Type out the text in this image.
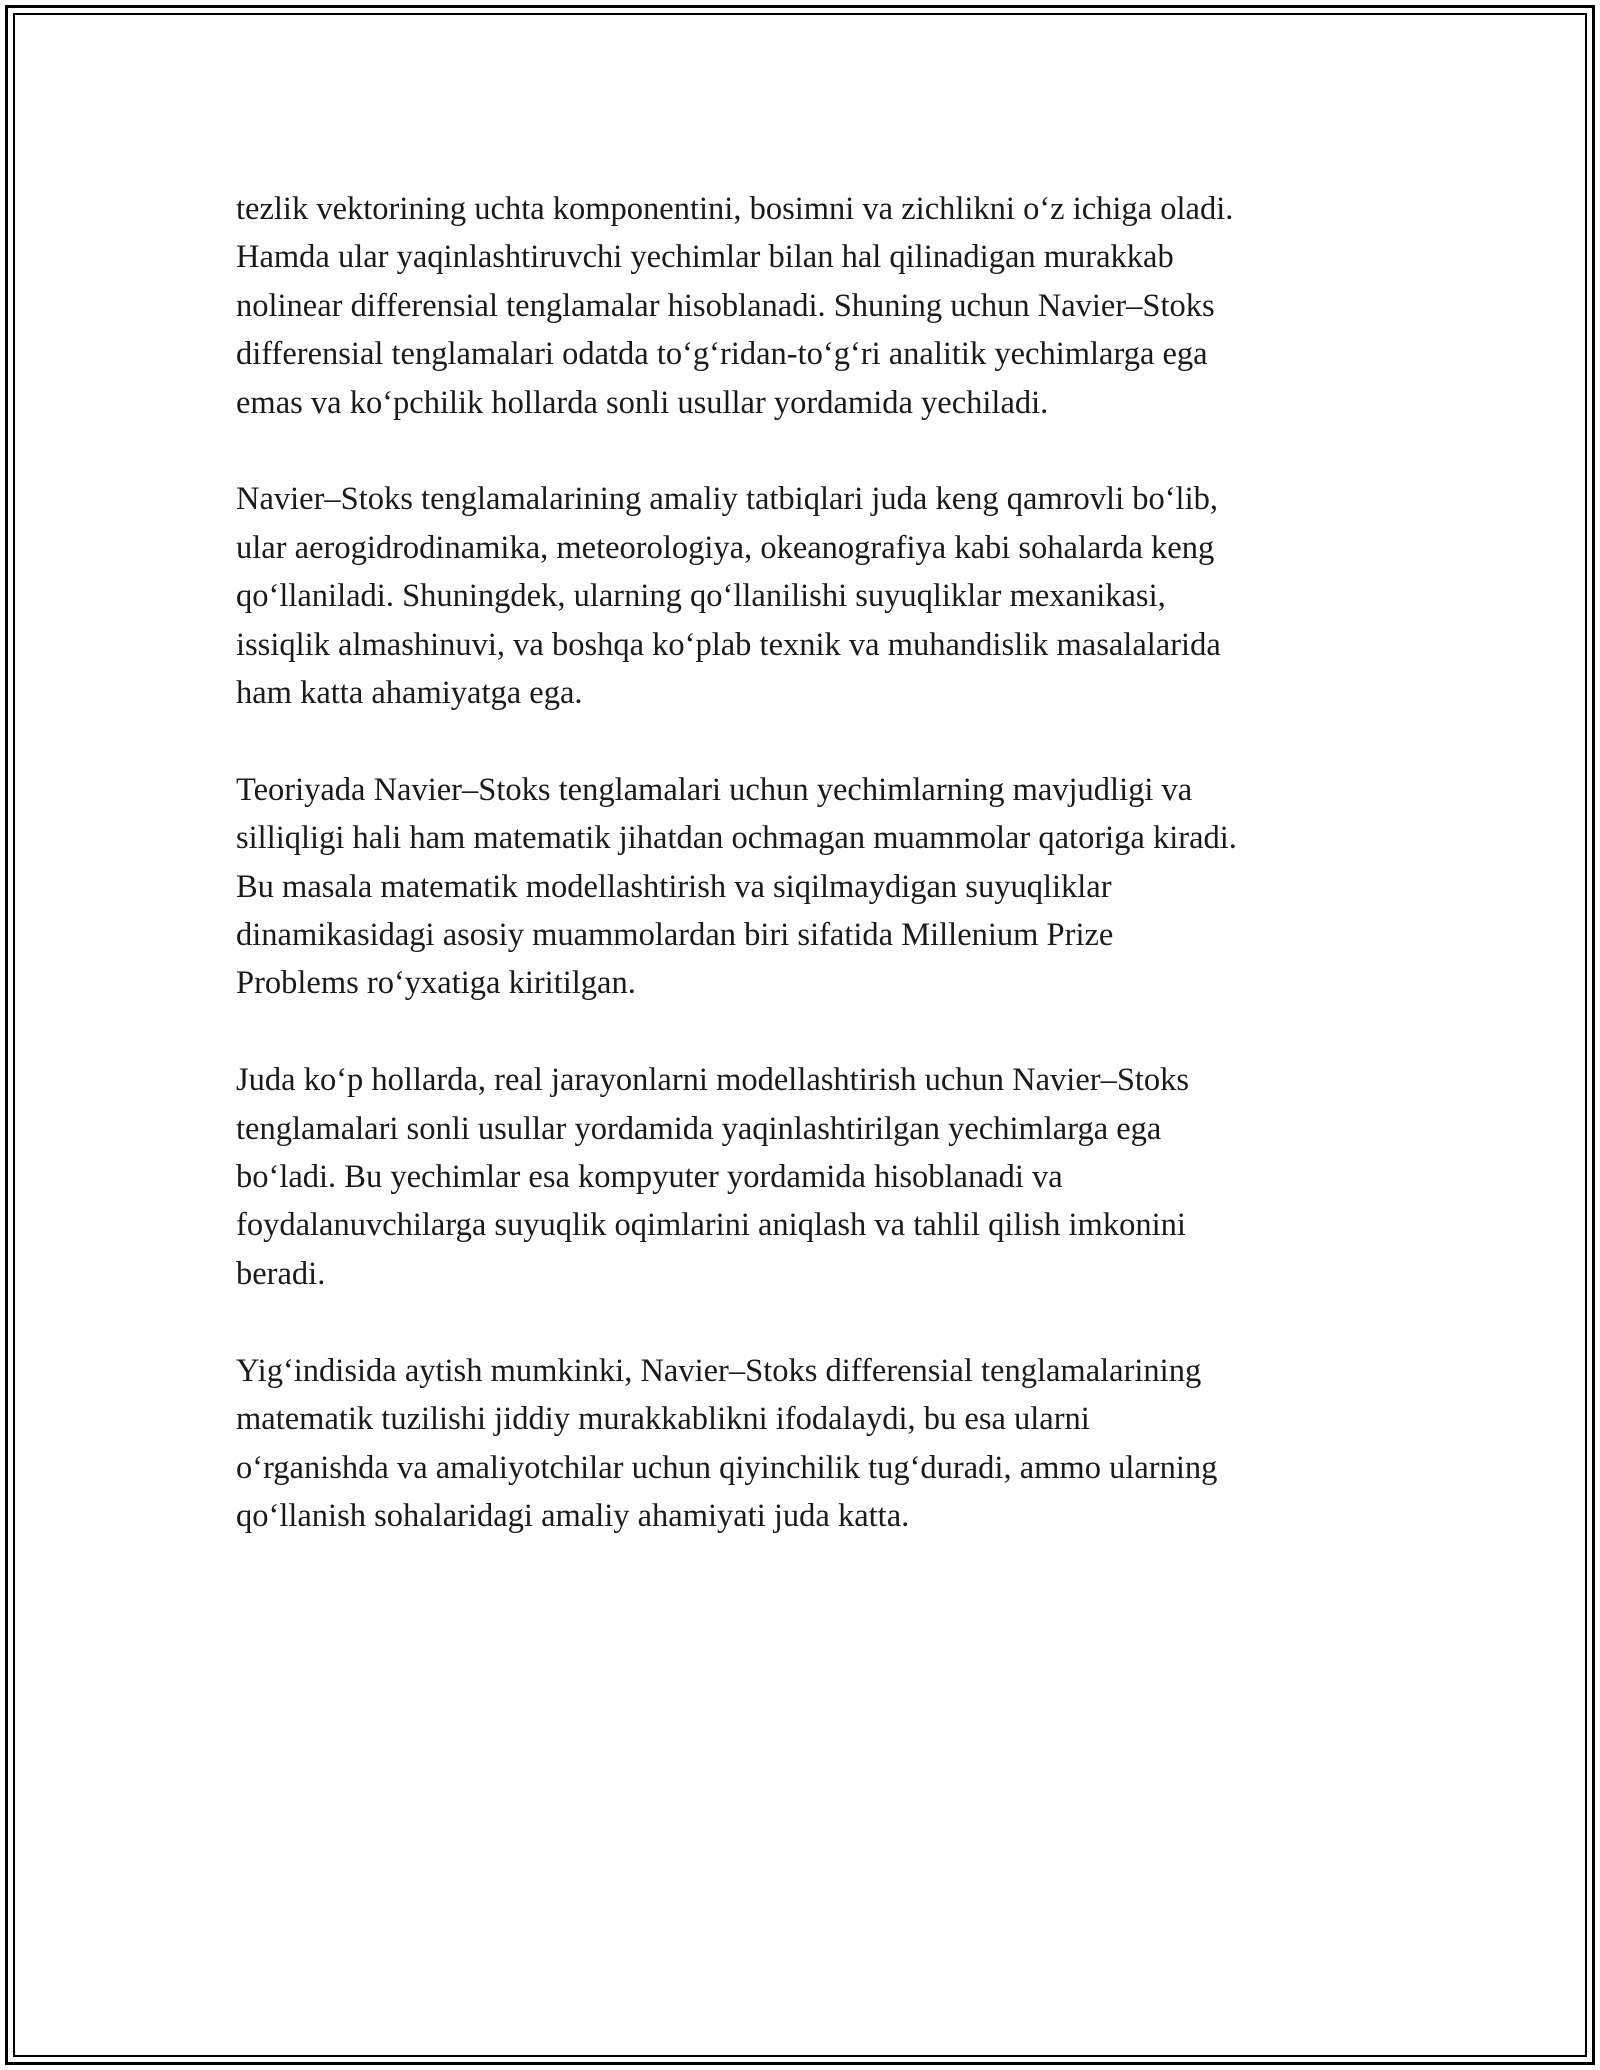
tezlik vektorining uchta komponentini, bosimni va zichlikni o‘z ichiga oladi.
Hamda ular yaqinlashtiruvchi yechimlar bilan hal qilinadigan murakkab
nolinear differensial tenglamalar hisoblanadi. Shuning uchun Navier–Stoks
differensial tenglamalari odatda to‘g‘ridan-to‘g‘ri analitik yechimlarga ega
emas va ko‘pchilik hollarda sonli usullar yordamida yechiladi.

Navier–Stoks tenglamalarining amaliy tatbiqlari juda keng qamrovli bo‘lib,
ular aerogidrodinamika, meteorologiya, okeanografiya kabi sohalarda keng
qo‘llaniladi. Shuningdek, ularning qo‘llanilishi suyuqliklar mexanikasi,
issiqlik almashinuvi, va boshqa ko‘plab texnik va muhandislik masalalarida
ham katta ahamiyatga ega.

Teoriyada Navier–Stoks tenglamalari uchun yechimlarning mavjudligi va
silliqligi hali ham matematik jihatdan ochmagan muammolar qatoriga kiradi.
Bu masala matematik modellashtirish va siqilmaydigan suyuqliklar
dinamikasidagi asosiy muammolardan biri sifatida Millenium Prize
Problems ro‘yxatiga kiritilgan.

Juda ko‘p hollarda, real jarayonlarni modellashtirish uchun Navier–Stoks
tenglamalari sonli usullar yordamida yaqinlashtirilgan yechimlarga ega
bo‘ladi. Bu yechimlar esa kompyuter yordamida hisoblanadi va
foydalanuvchilarga suyuqlik oqimlarini aniqlash va tahlil qilish imkonini
beradi.

Yig‘indisida aytish mumkinki, Navier–Stoks differensial tenglamalarining
matematik tuzilishi jiddiy murakkablikni ifodalaydi, bu esa ularni
o‘rganishda va amaliyotchilar uchun qiyinchilik tug‘duradi, ammo ularning
qo‘llanish sohalaridagi amaliy ahamiyati juda katta.
